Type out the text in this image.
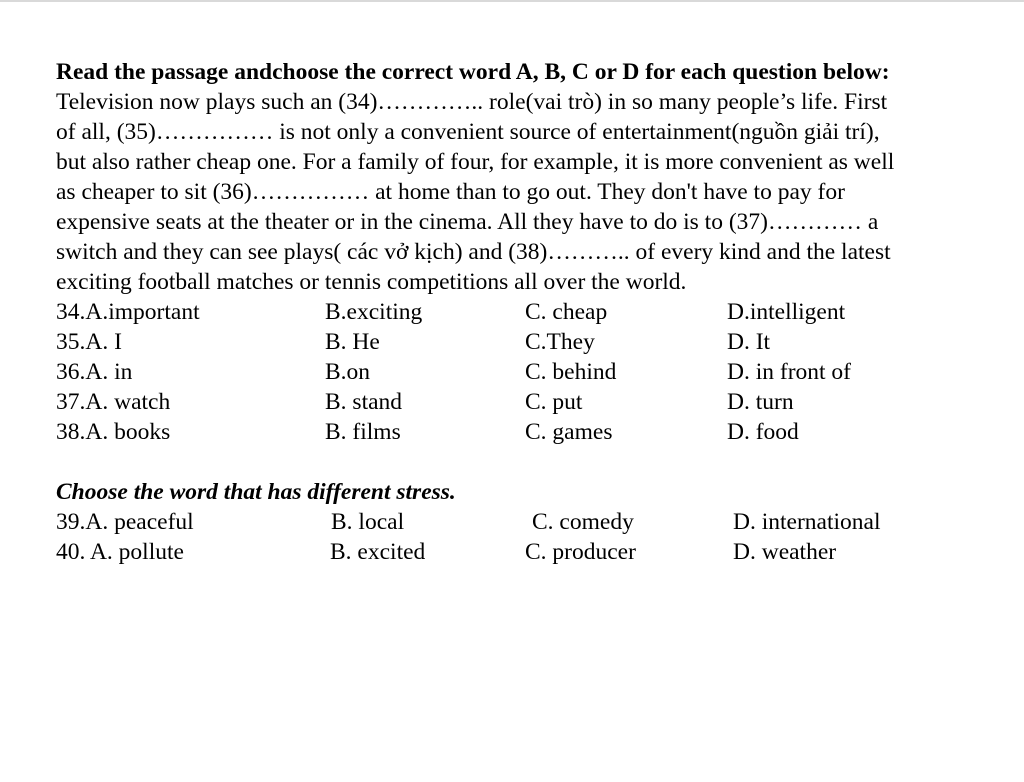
Read the passage andchoose the correct word A, B, C or D for each question below:
Television now plays such an (34)………….. role(vai trò) in so many people’s life. First
of all, (35)…………… is not only a convenient source of entertainment(nguồn giải trí),
but also rather cheap one. For a family of four, for example, it is more convenient as well
as cheaper to sit (36)…………… at home than to go out. They don't have to pay for
expensive seats at the theater or in the cinema. All they have to do is to (37)………… a
switch and they can see plays( các vở kịch) and (38)……….. of every kind and the latest
exciting football matches or tennis competitions all over the world.
34.A.important	B.exciting	C. cheap	D.intelligent
35.A. I	B. He	C.They	D. It
36.A. in	B.on	C. behind	D. in front of
37.A. watch	B. stand	C. put	D. turn
38.A. books	B. films	C. games	D. food
Choose the word that has different stress.
39.A. peaceful	B. local	C. comedy	D. international
40. A. pollute	B. excited	C. producer	D. weather
